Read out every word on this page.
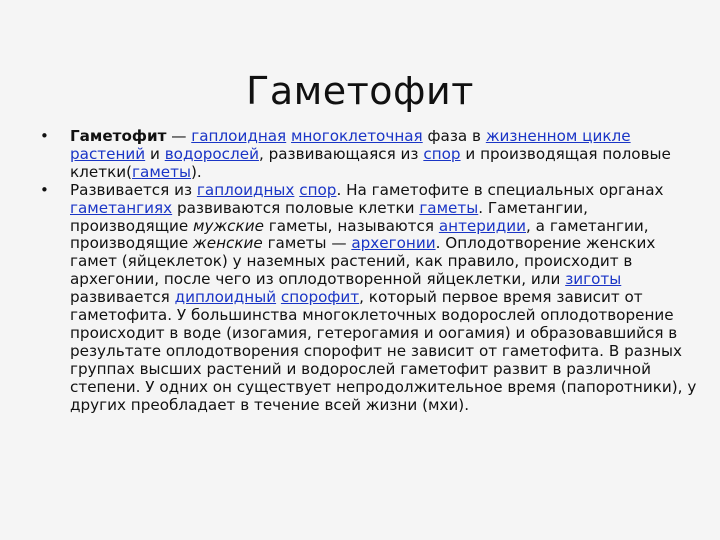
Гаметофит
• Гаметофит — гаплоидная многоклеточная фаза в жизненном цикле растений и водорослей, развивающаяся из спор и производящая половые клетки(гаметы).
• Развивается из гаплоидных спор. На гаметофите в специальных органах гаметангиях развиваются половые клетки гаметы. Гаметангии, производящие мужские гаметы, называются антеридии, а гаметангии, производящие женские гаметы — архегонии. Оплодотворение женских гамет (яйцеклеток) у наземных растений, как правило, происходит в архегонии, после чего из оплодотворенной яйцеклетки, или зиготы развивается диплоидный спорофит, который первое время зависит от гаметофита. У большинства многоклеточных водорослей оплодотворение происходит в воде (изогамия, гетерогамия и оогамия) и образовавшийся в результате оплодотворения спорофит не зависит от гаметофита. В разных группах высших растений и водорослей гаметофит развит в различной степени. У одних он существует непродолжительное время (папоротники), у других преобладает в течение всей жизни (мхи).
